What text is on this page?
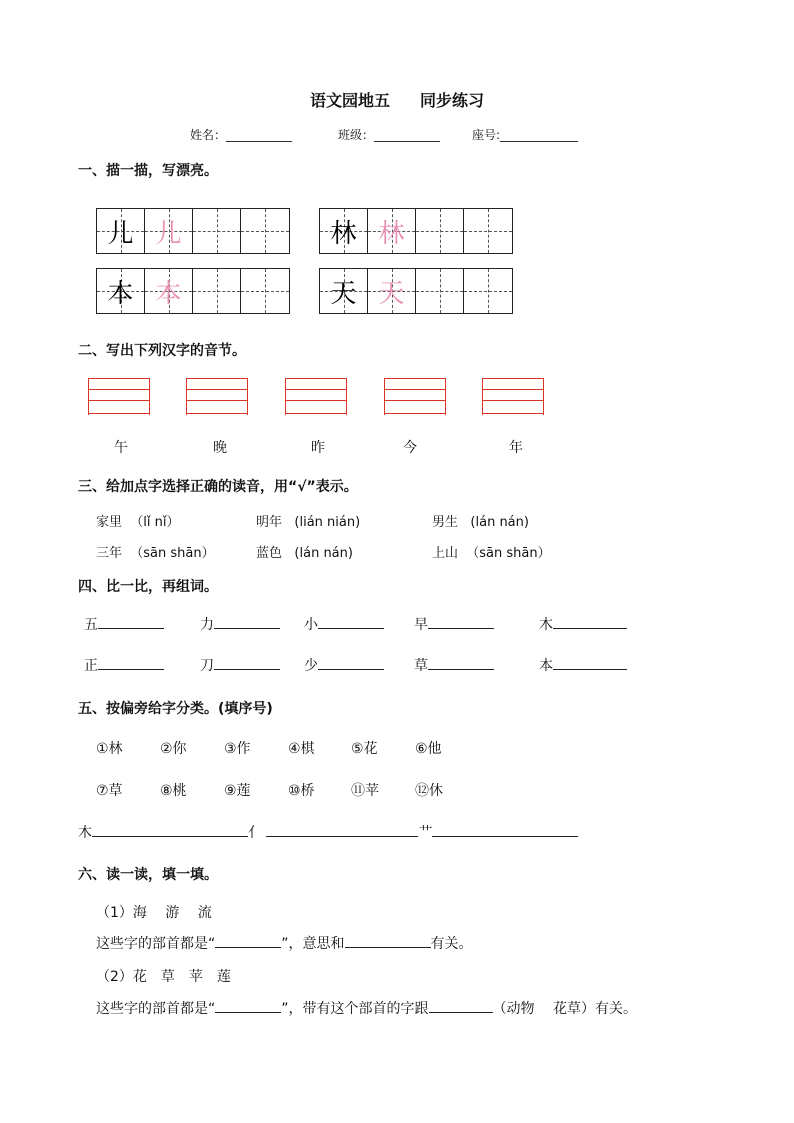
语文园地五 同步练习
姓名：___________	班级：___________	座号:_____________
一、描一描，写漂亮。
儿 儿	林 林
本 本	天 天
二、写出下列汉字的音节。
午	晚	昨	今	年
三、给加点字选择正确的读音，用“√”表示。
家里 （lǐ nǐ）	明年 (lián nián)	男生 (lán nán)
三年 （sān shān）	蓝色 (lán nán)	上山 （sān shān）
四、比一比，再组词。
五	力	小	早	木
正	刀	少	草	本
五、按偏旁给字分类。(填序号)
①林	②你	③作	④棋	⑤花	⑥他
⑦草	⑧桃	⑨莲	⑩桥	⑪苹	⑫休
木	亻	艹
六、读一读，填一填。
（1）海　 游　 流
这些字的部首都是“	”，意思和	有关。
（2）花　草　苹　莲
这些字的部首都是“	”，带有这个部首的字跟	（动物　 花草）有关。
